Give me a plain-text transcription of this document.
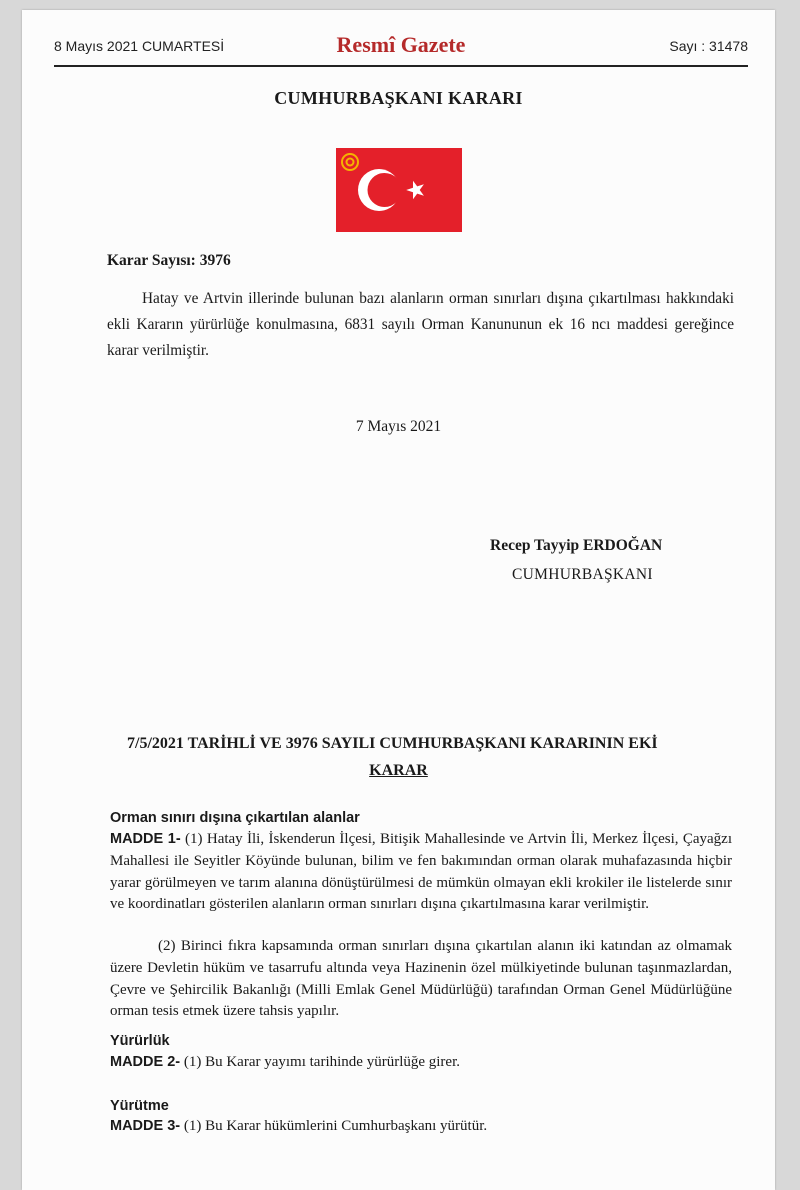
8 Mayıs 2021 CUMARTESİ	Resmî Gazete	Sayı : 31478
CUMHURBAŞKANI KARARI
Karar Sayısı: 3976

Hatay ve Artvin illerinde bulunan bazı alanların orman sınırları dışına çıkartılması hakkındaki ekli Kararın yürürlüğe konulmasına, 6831 sayılı Orman Kanununun ek 16 ncı maddesi gereğince karar verilmiştir.

7 Mayıs 2021
Recep Tayyip ERDOĞAN
CUMHURBAŞKANI
7/5/2021 TARİHLİ VE 3976 SAYILI CUMHURBAŞKANI KARARININ EKİ
KARAR
Orman sınırı dışına çıkartılan alanlar

MADDE 1- (1) Hatay İli, İskenderun İlçesi, Bitişik Mahallesinde ve Artvin İli, Merkez İlçesi, Çayağzı Mahallesi ile Seyitler Köyünde bulunan, bilim ve fen bakımından orman olarak muhafazasında hiçbir yarar görülmeyen ve tarım alanına dönüştürülmesi de mümkün olmayan ekli krokiler ile listelerde sınır ve koordinatları gösterilen alanların orman sınırları dışına çıkartılmasına karar verilmiştir.

(2) Birinci fıkra kapsamında orman sınırları dışına çıkartılan alanın iki katından az olmamak üzere Devletin hüküm ve tasarrufu altında veya Hazinenin özel mülkiyetinde bulunan taşınmazlardan, Çevre ve Şehircilik Bakanlığı (Milli Emlak Genel Müdürlüğü) tarafından Orman Genel Müdürlüğüne orman tesis etmek üzere tahsis yapılır.

Yürürlük

MADDE 2- (1) Bu Karar yayımı tarihinde yürürlüğe girer.

Yürütme

MADDE 3- (1) Bu Karar hükümlerini Cumhurbaşkanı yürütür.
